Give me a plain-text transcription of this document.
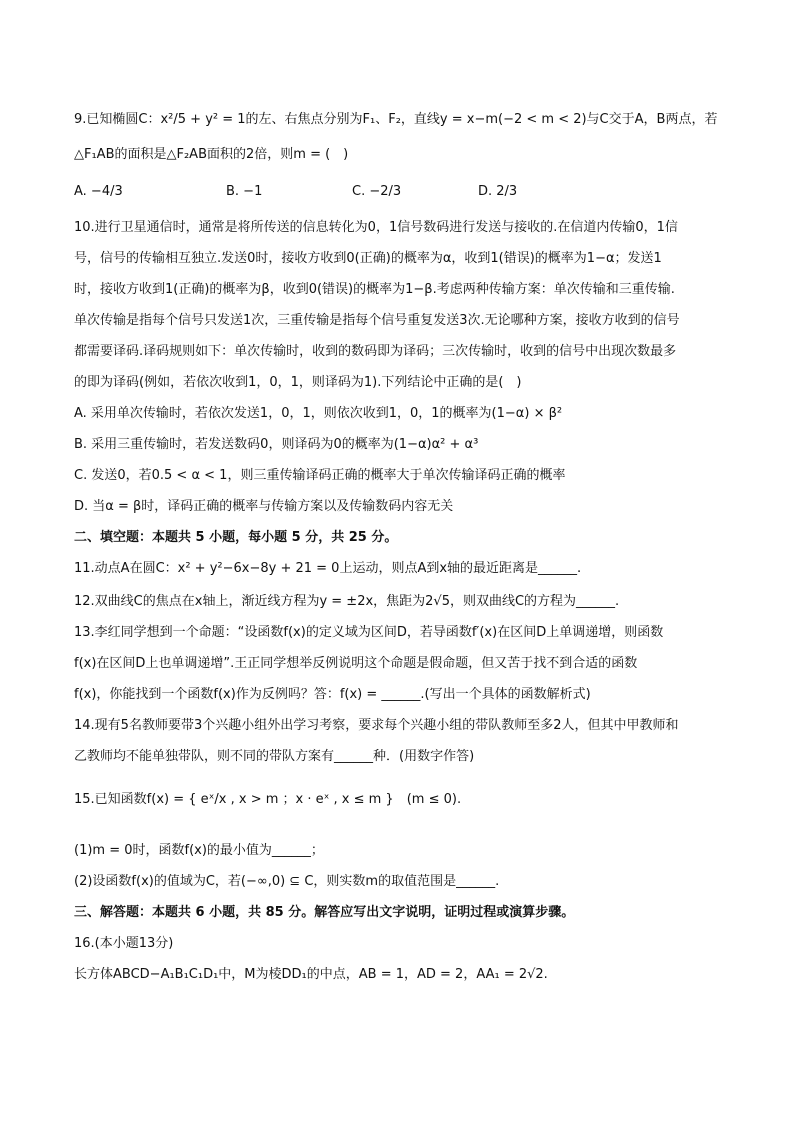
9.已知椭圆C：x²/5 + y² = 1的左、右焦点分别为F₁、F₂，直线y = x−m(−2 < m < 2)与C交于A，B两点，若
△F₁AB的面积是△F₂AB面积的2倍，则m = (　)
A. −4/3	B. −1	C. −2/3	D. 2/3
10.进行卫星通信时，通常是将所传送的信息转化为0，1信号数码进行发送与接收的.在信道内传输0，1信
号，信号的传输相互独立.发送0时，接收方收到0(正确)的概率为α，收到1(错误)的概率为1−α；发送1
时，接收方收到1(正确)的概率为β，收到0(错误)的概率为1−β.考虑两种传输方案：单次传输和三重传输.
单次传输是指每个信号只发送1次，三重传输是指每个信号重复发送3次.无论哪种方案，接收方收到的信号
都需要译码.译码规则如下：单次传输时，收到的数码即为译码；三次传输时，收到的信号中出现次数最多
的即为译码(例如，若依次收到1，0，1，则译码为1).下列结论中正确的是(　)
A. 采用单次传输时，若依次发送1，0，1，则依次收到1，0，1的概率为(1−α) × β²
B. 采用三重传输时，若发送数码0，则译码为0的概率为(1−α)α² + α³
C. 发送0，若0.5 < α < 1，则三重传输译码正确的概率大于单次传输译码正确的概率
D. 当α = β时，译码正确的概率与传输方案以及传输数码内容无关
二、填空题：本题共 5 小题，每小题 5 分，共 25 分。
11.动点A在圆C：x² + y²−6x−8y + 21 = 0上运动，则点A到x轴的最近距离是______.
12.双曲线C的焦点在x轴上，渐近线方程为y = ±2x，焦距为2√5，则双曲线C的方程为______.
13.李红同学想到一个命题：“设函数f(x)的定义域为区间D，若导函数f′(x)在区间D上单调递增，则函数
f(x)在区间D上也单调递增”.王正同学想举反例说明这个命题是假命题，但又苦于找不到合适的函数
f(x)，你能找到一个函数f(x)作为反例吗？答：f(x) = ______.(写出一个具体的函数解析式)
14.现有5名教师要带3个兴趣小组外出学习考察，要求每个兴趣小组的带队教师至多2人，但其中甲教师和
乙教师均不能单独带队，则不同的带队方案有______种．(用数字作答)
15.已知函数f(x) = { eˣ/x , x > m ；x · eˣ , x ≤ m }　(m ≤ 0).
(1)m = 0时，函数f(x)的最小值为______；
(2)设函数f(x)的值域为C，若(−∞,0) ⊆ C，则实数m的取值范围是______.
三、解答题：本题共 6 小题，共 85 分。解答应写出文字说明，证明过程或演算步骤。
16.(本小题13分)
长方体ABCD−A₁B₁C₁D₁中，M为棱DD₁的中点，AB = 1，AD = 2，AA₁ = 2√2.
